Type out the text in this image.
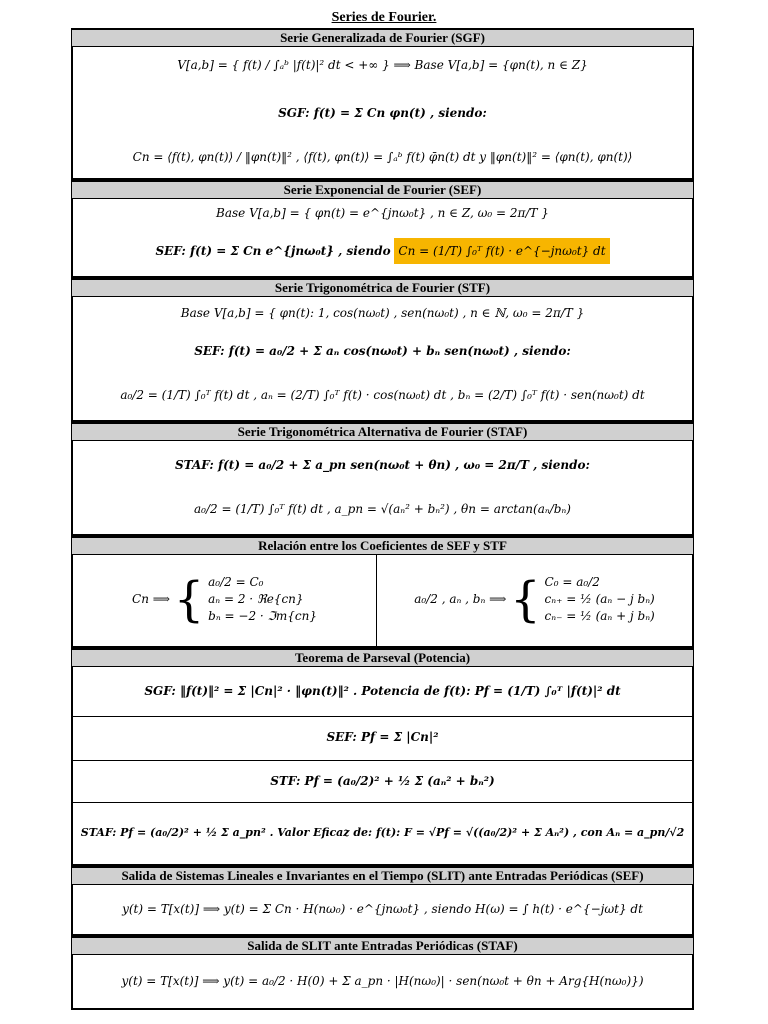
Series de Fourier.
Serie Generalizada de Fourier (SGF)
V[a,b] = { f(t) / ∫ₐᵇ |f(t)|² dt < +∞ } ⟹ Base V[a,b] = {φn(t), n ∈ Z}
SGF: f(t) = Σ Cn φn(t) , siendo:
Cn = ⟨f(t), φn(t)⟩ / ‖φn(t)‖² , ⟨f(t), φn(t)⟩ = ∫ₐᵇ f(t) φ̄n(t) dt y ‖φn(t)‖² = ⟨φn(t), φn(t)⟩
Serie Exponencial de Fourier (SEF)
Base V[a,b] = { φn(t) = e^{jnω₀t} , n ∈ Z, ω₀ = 2π/T }
SEF: f(t) = Σ Cn e^{jnω₀t} , siendo Cn = (1/T) ∫₀ᵀ f(t) · e^{−jnω₀t} dt
Serie Trigonométrica de Fourier (STF)
Base V[a,b] = { φn(t): 1, cos(nω₀t) , sen(nω₀t) , n ∈ ℕ, ω₀ = 2π/T }
SEF: f(t) = a₀/2 + Σ aₙ cos(nω₀t) + bₙ sen(nω₀t) , siendo:
a₀/2 = (1/T) ∫₀ᵀ f(t) dt , aₙ = (2/T) ∫₀ᵀ f(t) · cos(nω₀t) dt , bₙ = (2/T) ∫₀ᵀ f(t) · sen(nω₀t) dt
Serie Trigonométrica Alternativa de Fourier (STAF)
STAF: f(t) = a₀/2 + Σ a_pn sen(nω₀t + θn) , ω₀ = 2π/T , siendo:
a₀/2 = (1/T) ∫₀ᵀ f(t) dt , a_pn = √(aₙ² + bₙ²) , θn = arctan(aₙ/bₙ)
Relación entre los Coeficientes de SEF y STF
Cn ⟹ { a₀/2 = C₀
aₙ = 2 · ℜe{cn}
bₙ = −2 · ℑm{cn}
a₀/2 , aₙ , bₙ ⟹ { C₀ = a₀/2
cₙ₊ = ½ (aₙ − j bₙ)
cₙ₋ = ½ (aₙ + j bₙ)
Teorema de Parseval (Potencia)
SGF: ‖f(t)‖² = Σ |Cn|² · ‖φn(t)‖² . Potencia de f(t): Pf = (1/T) ∫₀ᵀ |f(t)|² dt
SEF: Pf = Σ |Cn|²
STF: Pf = (a₀/2)² + ½ Σ (aₙ² + bₙ²)
STAF: Pf = (a₀/2)² + ½ Σ a_pn² . Valor Eficaz de: f(t): F = √Pf = √((a₀/2)² + Σ Aₙ²) , con Aₙ = a_pn/√2
Salida de Sistemas Lineales e Invariantes en el Tiempo (SLIT) ante Entradas Periódicas (SEF)
y(t) = T[x(t)] ⟹ y(t) = Σ Cn · H(nω₀) · e^{jnω₀t} , siendo H(ω) = ∫ h(t) · e^{−jωt} dt
Salida de SLIT ante Entradas Periódicas (STAF)
y(t) = T[x(t)] ⟹ y(t) = a₀/2 · H(0) + Σ a_pn · |H(nω₀)| · sen(nω₀t + θn + Arg{H(nω₀)})
